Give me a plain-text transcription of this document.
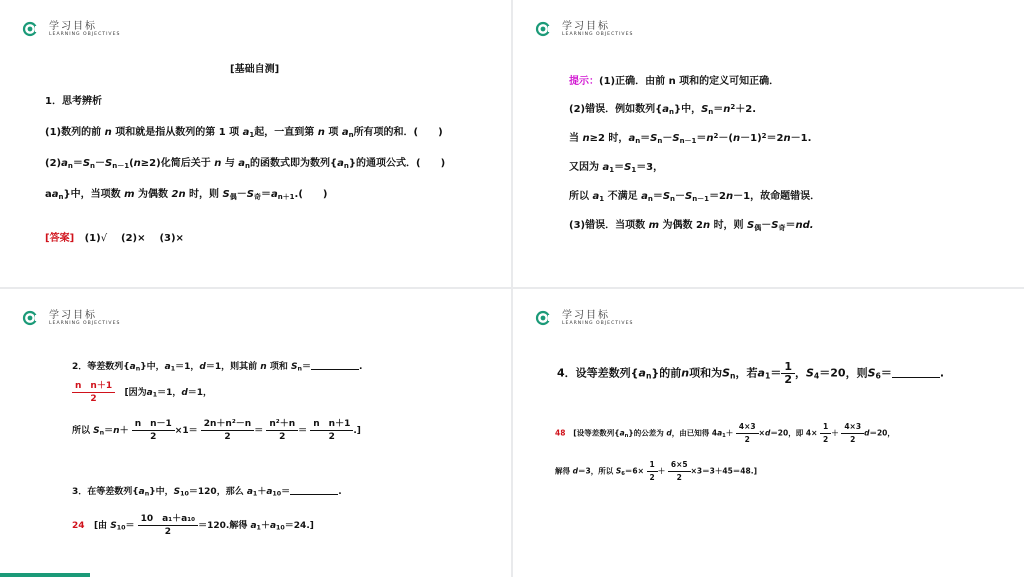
学习目标
LEARNING OBJECTIVES
[基础自测]
1．思考辨析
(1)数列的前 n 项和就是指从数列的第 1 项 $a_1$起，一直到第 n 项 $a_n$所有项的和．(　　)
$(2)a_n=S_n-S_{n-1}(n\ge 2)$化简后关于 n 与 $a_n$的函数式即为数列$\{a_n\}$的通项公式．(　　)
$aa_n$}中，当项数 m 为偶数 2n 时，则 $S_偶-S_奇=a_{n+1}$.(　　)
[答案] (1)√ (2)× (3)×
学习目标
LEARNING OBJECTIVES
提示：(1)正确．由前 n 项和的定义可知正确．
(2)错误．例如数列$\{a_n\}$中，$S_n=n^2+2$.
当 n≥2 时，$a_n=S_n-S_{n-1}=n^2-(n-1)^2=2n-1$.
又因为 $a_1=S_1=3$，
所以 $a_1$ 不满足 $a_n=S_n-S_{n-1}=2n-1$，故命题错误．
(3)错误．当项数 m 为偶数 2n 时，则 $S_偶-S_奇=nd$.
学习目标
LEARNING OBJECTIVES
2．等差数列$\{a_n\}$中，$a_1=1$，d＝1，则其前 n 项和 $S_n=$	.
$\frac{\text{n　n＋1}}{2}$ [因为$a_1=1$，d＝1，
所以 $S_n=n+ \frac{\text{n　n－1}}{2} \times 1= \frac{\text{2n＋n²－n}}{2} = \frac{\text{n²＋n}}{2} = \frac{\text{n　n＋1}}{2}$ .]
3．在等差数列$\{a_n\}$中，$S_{10}=120$，那么 $a_1+a_{10}=$	.
24 [由 $S_{10}= \frac{\text{10　a₁＋a₁₀}}{2} =120$.解得 $a_1+a_{10}=24$.]
学习目标
LEARNING OBJECTIVES
4．设等差数列$\{a_n\}$的前n项和为$S_n$，若$a_1= \frac{1}{2}$ ，$S_4=20$，则$S_6=$	.
48 [设等差数列$\{a_n\}$的公差为 d，由已知得 $4a_1+ \frac{4\times 3}{2} \times d=20$，即 $4\times \frac{1}{2} + \frac{4\times 3}{2} d=20$，
解得 d＝3，所以 $S_6=6\times \frac{1}{2} + \frac{6\times 5}{2} \times 3=3+45=48$.]
